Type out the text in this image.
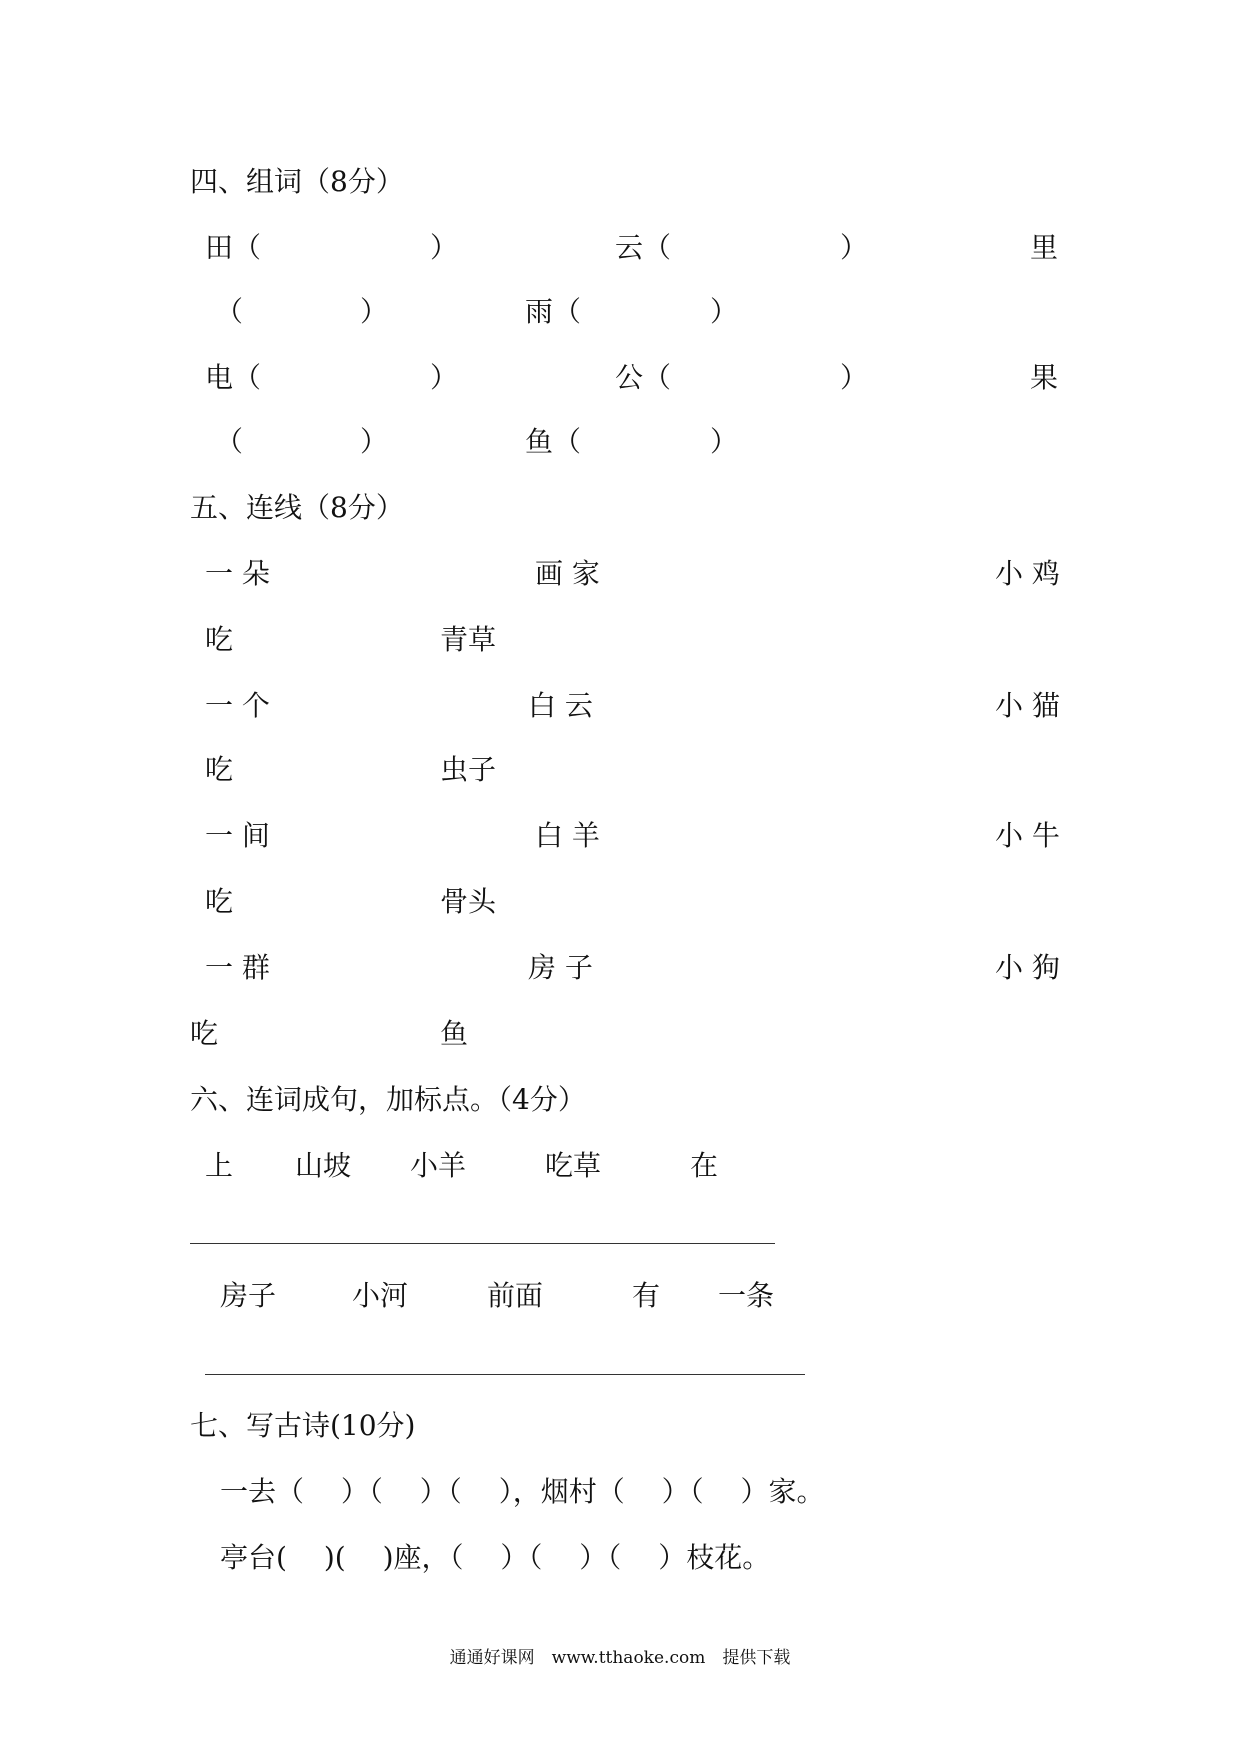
四、组词（8分）
田（	）	云（	）	里
（	）	雨（	）
电（	）	公（	）	果
（	）	鱼（	）
五、连线（8分）
一 朵	画 家	小 鸡
吃	青草
一 个	白 云	小 猫
吃	虫子
一 间	白 羊	小 牛
吃	骨头
一 群	房 子	小 狗
吃	鱼
六、连词成句，加标点。（4分）
上 山坡 小羊	吃草	在
房子	小河	前面	有 一条
七、写古诗(10分)
一去（　 ）（　 ）（　 ），烟村（　 ）（　 ）家。
亭台(　 )(　 )座，（　 ）（　 ）（　 ）枝花。
通通好课网　www.tthaoke.com　提供下载
